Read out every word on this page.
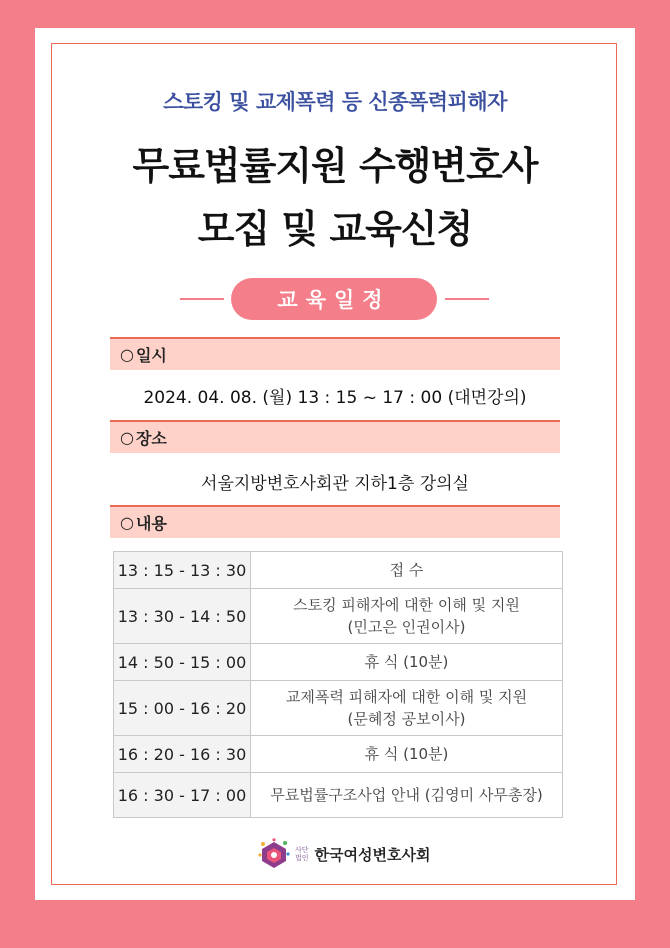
스토킹 및 교제폭력 등 신종폭력피해자
무료법률지원 수행변호사
모집 및 교육신청
교육일정
○ 일시
2024. 04. 08. (월) 13 : 15 ~ 17 : 00 (대면강의)
○ 장소
서울지방변호사회관 지하1층 강의실
○ 내용
13 : 15 - 13 : 30	접 수

13 : 30 - 14 : 50	스토킹 피해자에 대한 이해 및 지원
(민고은 인권이사)

14 : 50 - 15 : 00	휴 식 (10분)

15 : 00 - 16 : 20	교제폭력 피해자에 대한 이해 및 지원
(문혜정 공보이사)

16 : 20 - 16 : 30	휴 식 (10분)

16 : 30 - 17 : 00	무료법률구조사업 안내 (김영미 사무총장)
사단
법인 한국여성변호사회
